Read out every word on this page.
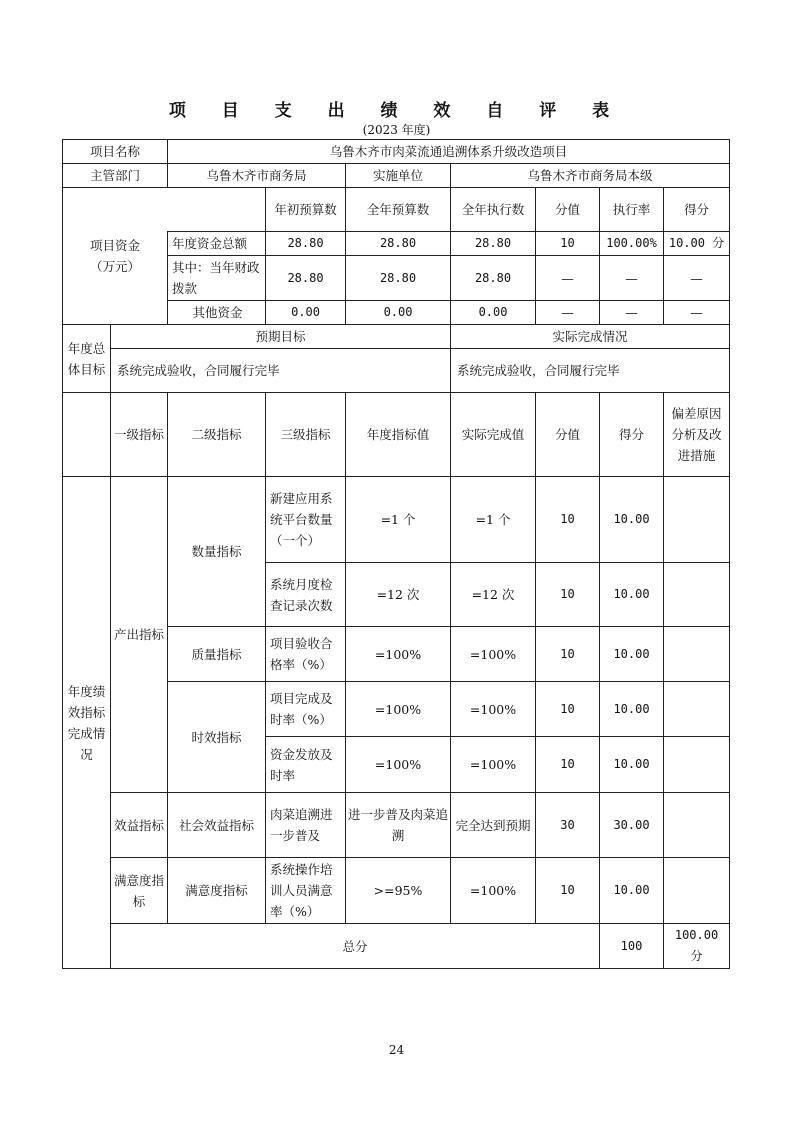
项 目 支 出 绩 效 自 评 表
(2023 年度)
项目名称		乌鲁木齐市肉菜流通追溯体系升级改造项目							
主管部门		乌鲁木齐市商务局		实施单位	乌鲁木齐市商务局本级				
项目资金
（万元）			年初预算数	全年预算数	全年执行数	分值	执行率	得分	
		年度资金总额	28.80	28.80	28.80	10	100.00%	10.00 分	
		其中：当年财政拨款	28.80	28.80	28.80	—	—	—	
		其他资金	0.00	0.00	0.00	—	—	—	
年度总体目标	预期目标				实际完成情况				
	系统完成验收，合同履行完毕				系统完成验收，合同履行完毕				
	一级指标	二级指标	三级指标	年度指标值	实际完成值	分值	得分	偏差原因分析及改进措施	
年度绩效指标完成情况	产出指标	数量指标	新建应用系统平台数量（一个）	=1 个	=1 个	10	10.00		
			系统月度检查记录次数	=12 次	=12 次	10	10.00		
		质量指标	项目验收合格率（%）	=100%	=100%	10	10.00		
		时效指标	项目完成及时率（%）	=100%	=100%	10	10.00		
			资金发放及时率	=100%	=100%	10	10.00		
	效益指标	社会效益指标	肉菜追溯进一步普及	进一步普及肉菜追溯	完全达到预期	30	30.00		
	满意度指标	满意度指标	系统操作培训人员满意率（%）	>=95%	=100%	10	10.00		
	总分						100	100.00
分	
24
